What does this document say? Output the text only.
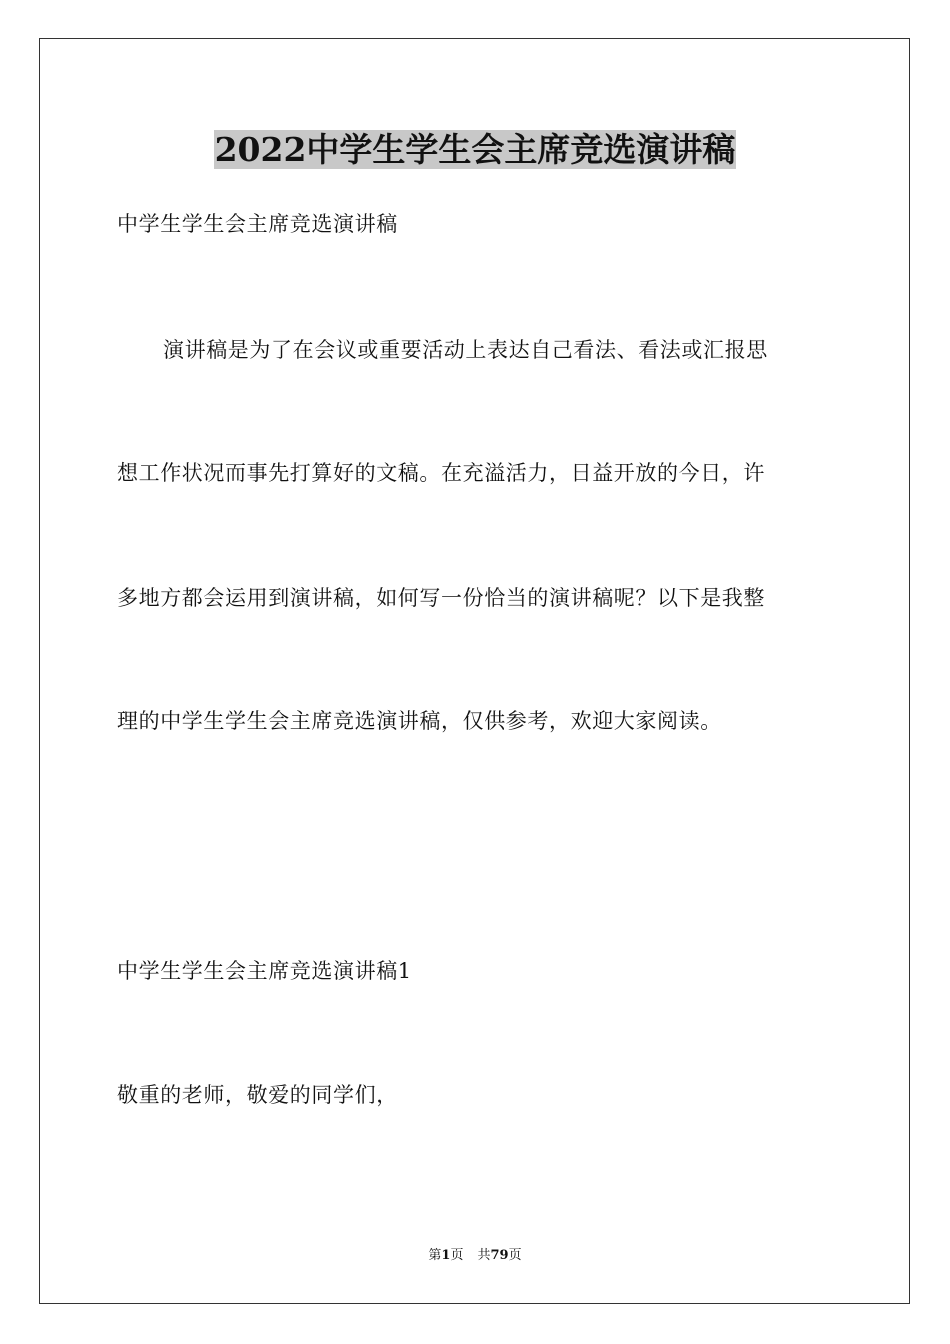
2022中学生学生会主席竞选演讲稿
中学生学生会主席竞选演讲稿
演讲稿是为了在会议或重要活动上表达自己看法、看法或汇报思
想工作状况而事先打算好的文稿。在充溢活力，日益开放的今日，许
多地方都会运用到演讲稿，如何写一份恰当的演讲稿呢？以下是我整
理的中学生学生会主席竞选演讲稿，仅供参考，欢迎大家阅读。
中学生学生会主席竞选演讲稿1
敬重的老师，敬爱的同学们，
第1页 共79页
